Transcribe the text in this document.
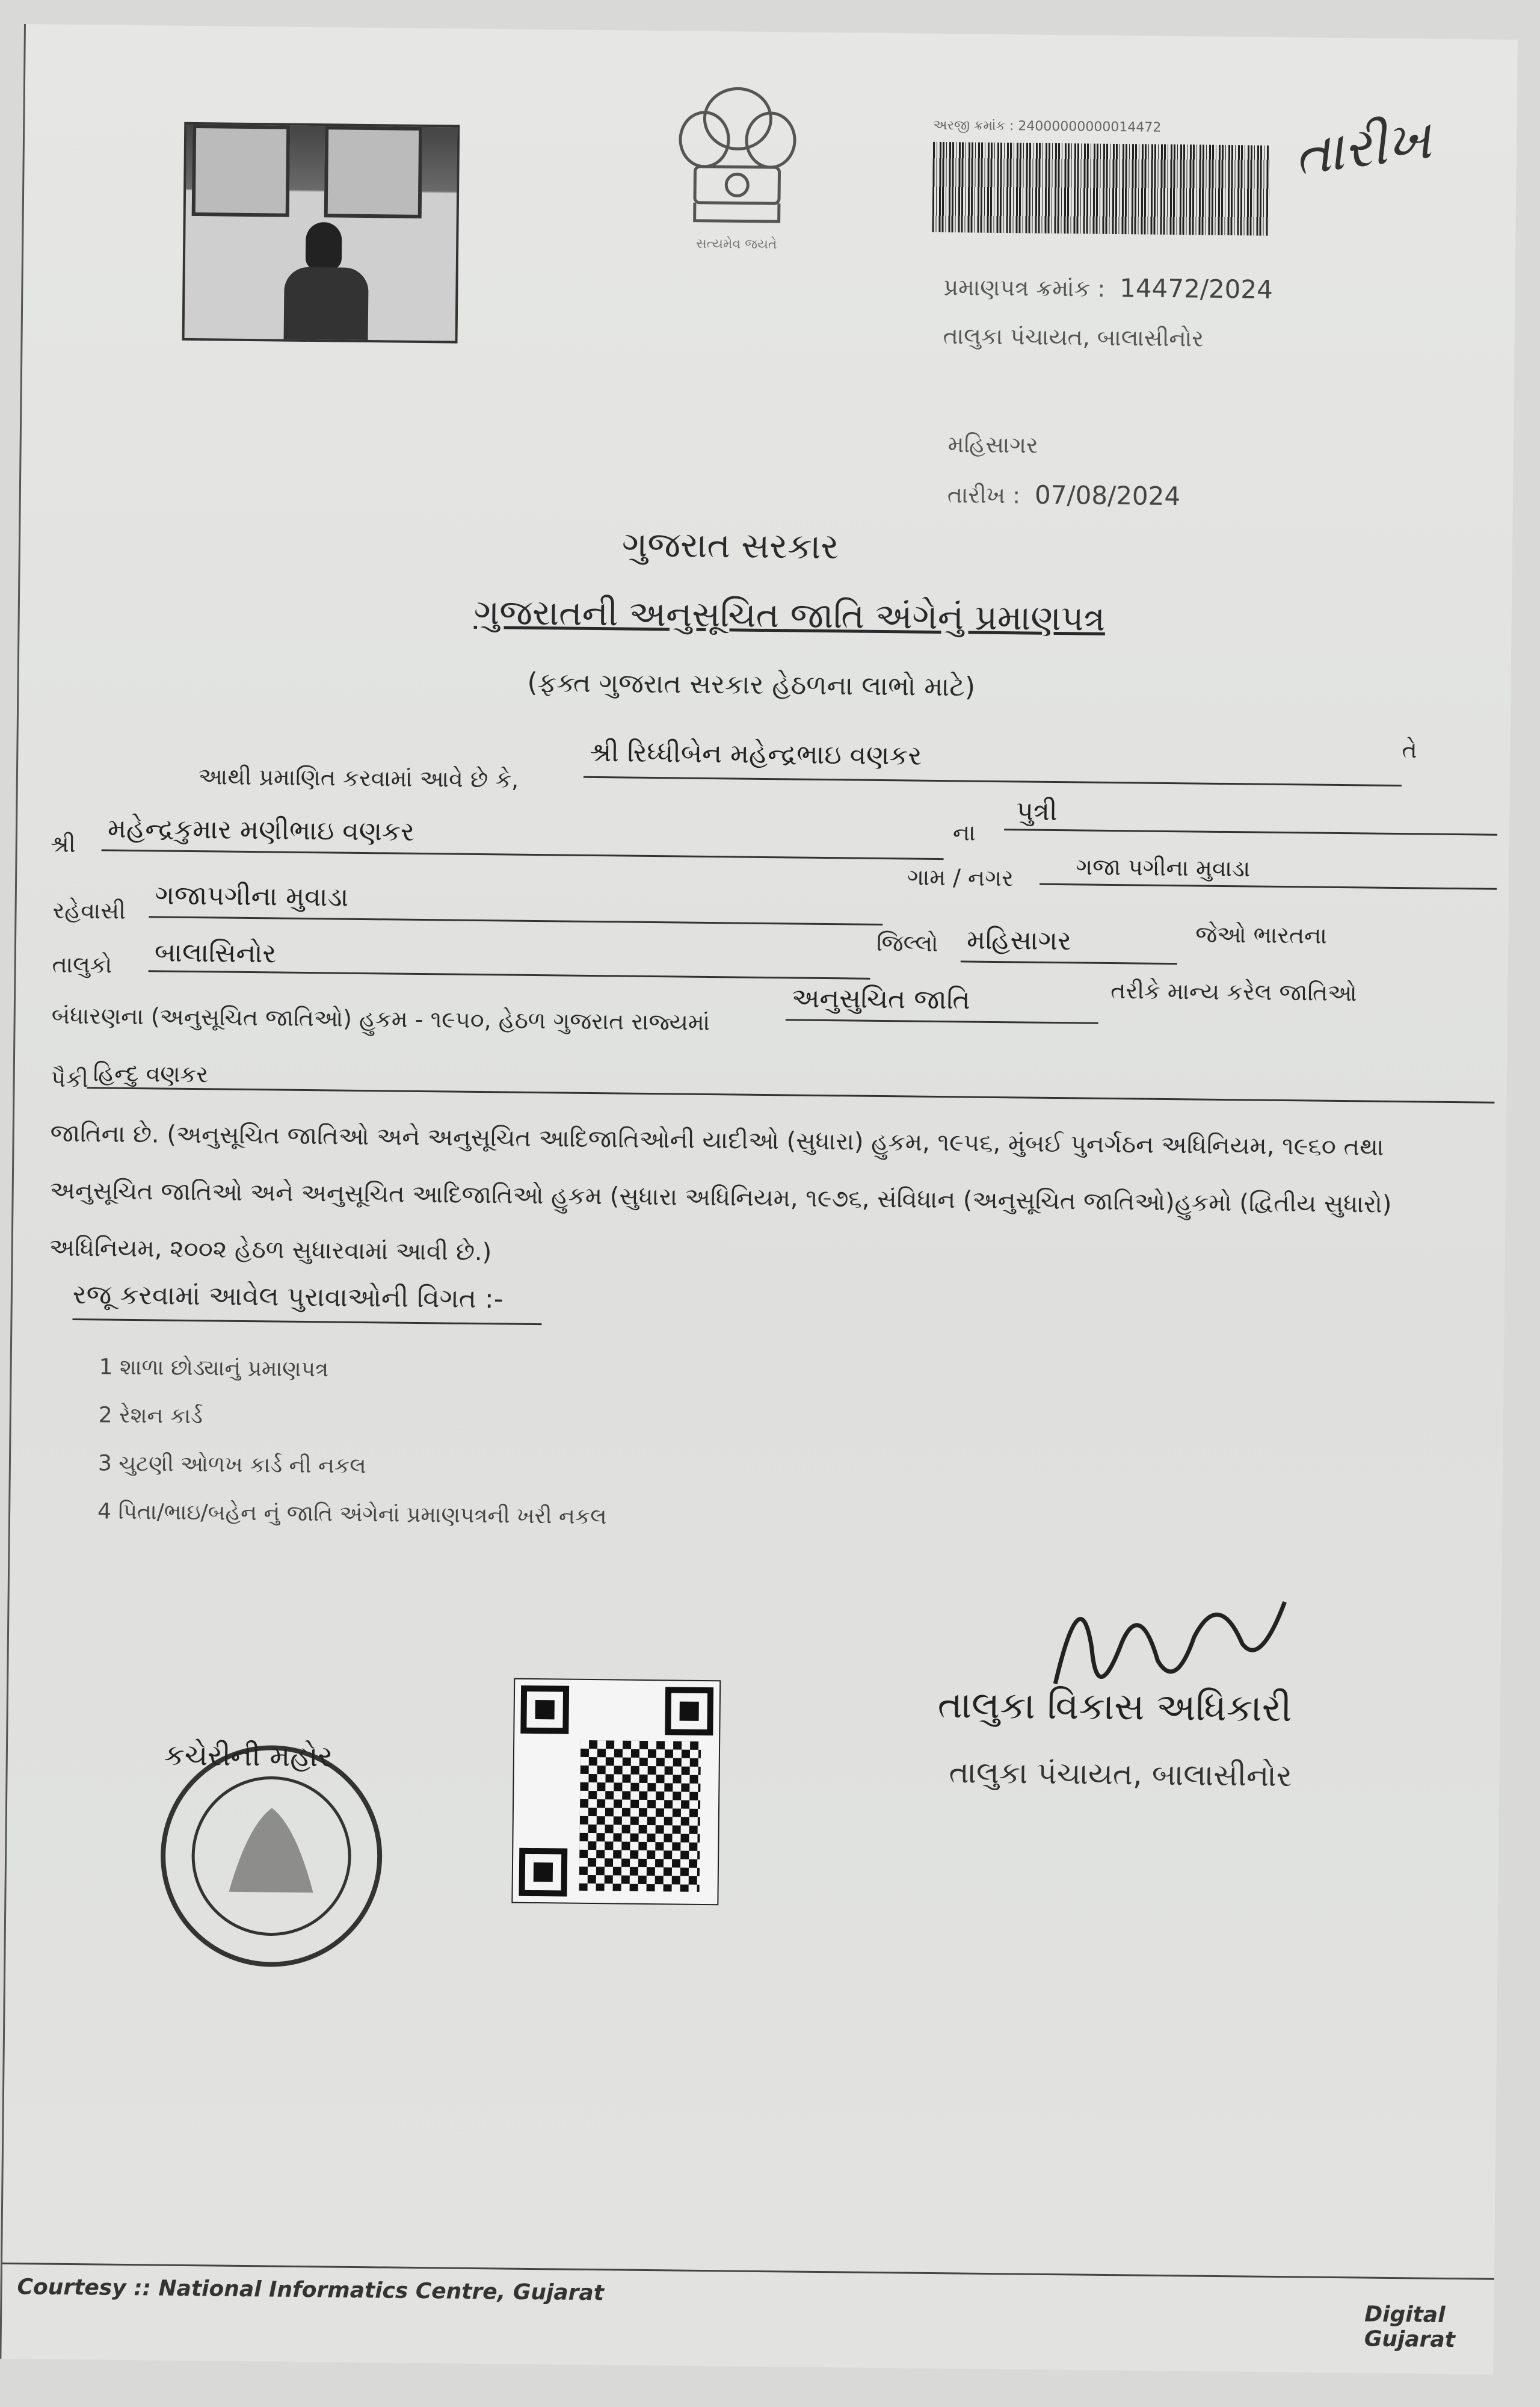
સત્યમેવ જયતે
અરજી ક્રમાંક : 24000000000014472 તારીખ
પ્રમાણપત્ર ક્રમાંક : 14472/2024
તાલુકા પંચાયત, બાલાસીનોર
મહિસાગર
તારીખ : 07/08/2024
ગુજરાત સરકાર
ગુજરાતની અનુસૂચિત જાતિ અંગેનું પ્રમાણપત્ર
(ફક્ત ગુજરાત સરકાર હેઠળના લાભો માટે)
આથી પ્રમાણિત કરવામાં આવે છે કે,
શ્રી રિધ્ધીબેન મહેન્દ્રભાઇ વણકર	તે
શ્રી મહેન્દ્રકુમાર મણીભાઇ વણકર	ના
પુત્રી
ગામ / નગર	ગજા પગીના મુવાડા
રહેવાસી ગજાપગીના મુવાડા
તાલુકો બાલાસિનોર	જિલ્લો મહિસાગર	જેઓ ભારતના
બંધારણના (અનુસૂચિત જાતિઓ) હુકમ - ૧૯૫૦, હેઠળ ગુજરાત રાજ્યમાં
અનુસુચિત જાતિ	તરીકે માન્ય કરેલ જાતિઓ
પૈકી હિન્દુ વણકર
જાતિના છે. (અનુસૂચિત જાતિઓ અને અનુસૂચિત આદિજાતિઓની યાદીઓ (સુધારા) હુકમ, ૧૯૫૬, મુંબઈ પુનર્ગઠન અધિનિયમ, ૧૯૬૦ તથા
અનુસૂચિત જાતિઓ અને અનુસૂચિત આદિજાતિઓ હુકમ (સુધારા અધિનિયમ, ૧૯૭૬, સંવિધાન (અનુસૂચિત જાતિઓ)હુકમો (દ્વિતીય સુધારો)
અધિનિયમ, ૨૦૦૨ હેઠળ સુધારવામાં આવી છે.)
રજૂ કરવામાં આવેલ પુરાવાઓની વિગત :-
1 શાળા છોડ્યાનું પ્રમાણપત્ર
2 રેશન કાર્ડ
3 ચુટણી ઓળખ કાર્ડ ની નકલ
4 પિતા/ભાઇ/બહેન નું જાતિ અંગેનાં પ્રમાણપત્રની ખરી નકલ
કચેરીની મહોર
તાલુકા વિકાસ અધિકારી
તાલુકા પંચાયત, બાલાસીનોર
Courtesy :: National Informatics Centre, Gujarat
Digital Gujarat
